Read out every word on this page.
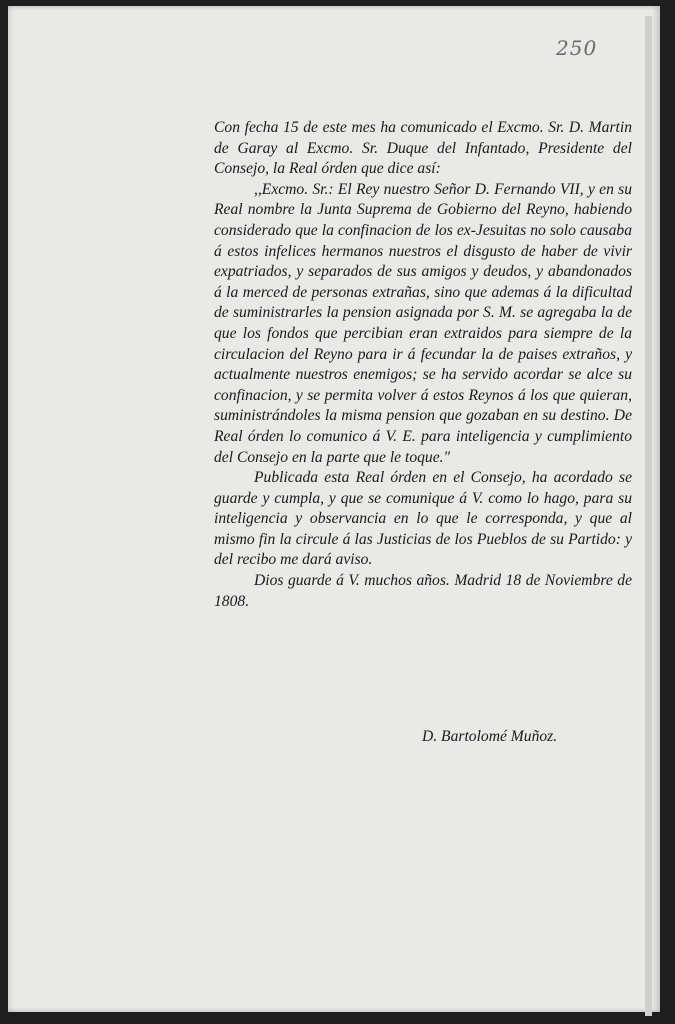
250

Con fecha 15 de este mes ha comunicado el Excmo. Sr. D. Martin de Garay al Excmo. Sr. Duque del Infantado, Presidente del Consejo, la Real órden que dice así:

,,Excmo. Sr.: El Rey nuestro Señor D. Fernando VII, y en su Real nombre la Junta Suprema de Gobierno del Reyno, habiendo considerado que la confinacion de los ex-Jesuitas no solo causaba á estos infelices hermanos nuestros el disgusto de haber de vivir expatriados, y separados de sus amigos y deudos, y abandonados á la merced de personas extrañas, sino que ademas á la dificultad de suministrarles la pension asignada por S. M. se agregaba la de que los fondos que percibian eran extraidos para siempre de la circulacion del Reyno para ir á fecundar la de paises extraños, y actualmente nuestros enemigos; se ha servido acordar se alce su confinacion, y se permita volver á estos Reynos á los que quieran, suministrándoles la misma pension que gozaban en su destino. De Real órden lo comunico á V. E. para inteligencia y cumplimiento del Consejo en la parte que le toque."

Publicada esta Real órden en el Consejo, ha acordado se guarde y cumpla, y que se comunique á V. como lo hago, para su inteligencia y observancia en lo que le corresponda, y que al mismo fin la circule á las Justicias de los Pueblos de su Partido: y del recibo me dará aviso.

Dios guarde á V. muchos años. Madrid 18 de Noviembre de 1808.

D. Bartolomé Muñoz.
